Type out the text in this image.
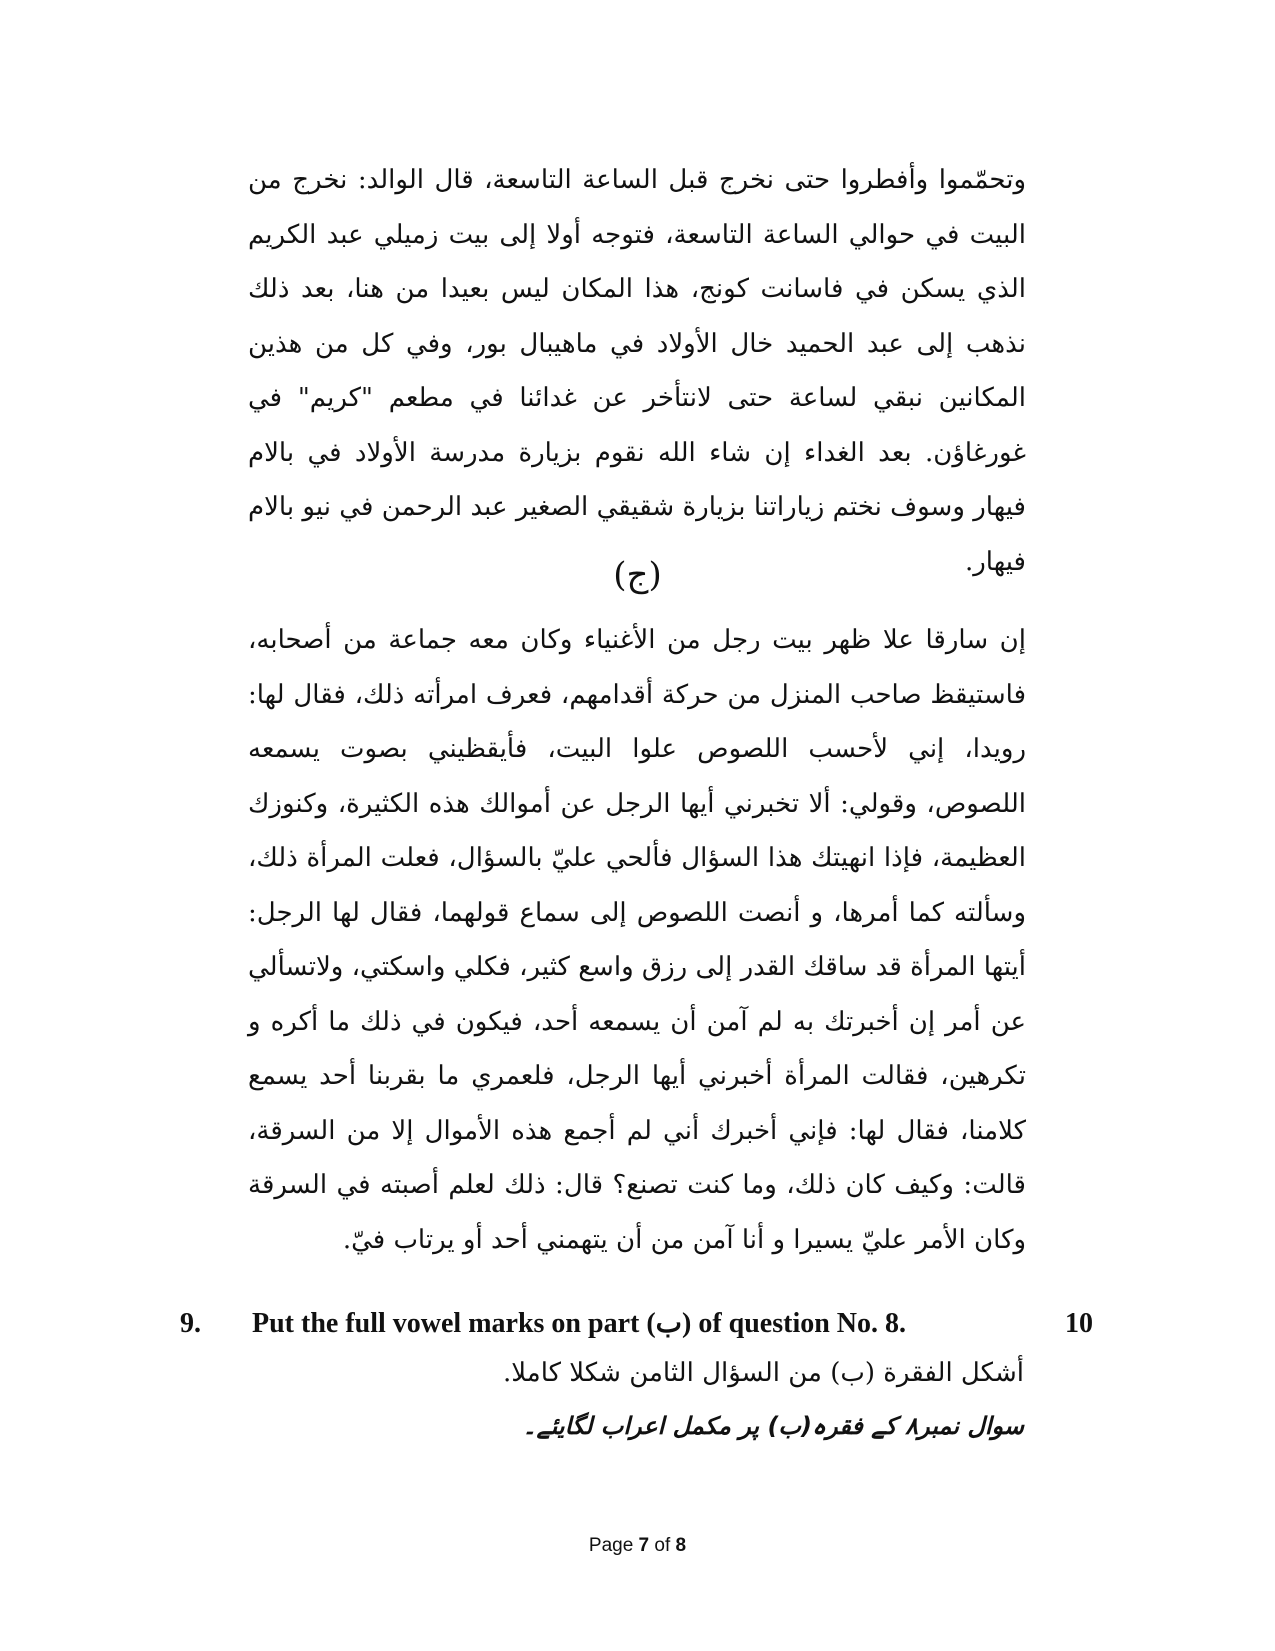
وتحمّموا وأفطروا حتى نخرج قبل الساعة التاسعة، قال الوالد: نخرج من البيت في حوالي الساعة التاسعة، فتوجه أولا إلى بيت زميلي عبد الكريم الذي يسكن في فاسانت كونج، هذا المكان ليس بعيدا من هنا، بعد ذلك نذهب إلى عبد الحميد خال الأولاد في ماهيبال بور، وفي كل من هذين المكانين نبقي لساعة حتى لانتأخر عن غدائنا في مطعم "كريم" في غورغاؤن. بعد الغداء إن شاء الله نقوم بزيارة مدرسة الأولاد في بالام فيهار وسوف نختم زياراتنا بزيارة شقيقي الصغير عبد الرحمن في نيو بالام فيهار.

(ج)

إن سارقا علا ظهر بيت رجل من الأغنياء وكان معه جماعة من أصحابه، فاستيقظ صاحب المنزل من حركة أقدامهم، فعرف امرأته ذلك، فقال لها: رويدا، إني لأحسب اللصوص علوا البيت، فأيقظيني بصوت يسمعه اللصوص، وقولي: ألا تخبرني أيها الرجل عن أموالك هذه الكثيرة، وكنوزك العظيمة، فإذا انهيتك هذا السؤال فألحي عليّ بالسؤال، فعلت المرأة ذلك، وسألته كما أمرها، و أنصت اللصوص إلى سماع قولهما، فقال لها الرجل: أيتها المرأة قد ساقك القدر إلى رزق واسع كثير، فكلي واسكتي، ولاتسألي عن أمر إن أخبرتك به لم آمن أن يسمعه أحد، فيكون في ذلك ما أكره و تكرهين، فقالت المرأة أخبرني أيها الرجل، فلعمري ما بقربنا أحد يسمع كلامنا، فقال لها: فإني أخبرك أني لم أجمع هذه الأموال إلا من السرقة، قالت: وكيف كان ذلك، وما كنت تصنع؟ قال: ذلك لعلم أصبته في السرقة وكان الأمر عليّ يسيرا و أنا آمن من أن يتهمني أحد أو يرتاب فيّ.

9. Put the full vowel marks on part (ب) of question No. 8.	10
أشكل الفقرة (ب) من السؤال الثامن شكلا كاملا.
سوال نمبر۸ کے فقرہ(ب) پر مکمل اعراب لگایئے۔
Page 7 of 8
